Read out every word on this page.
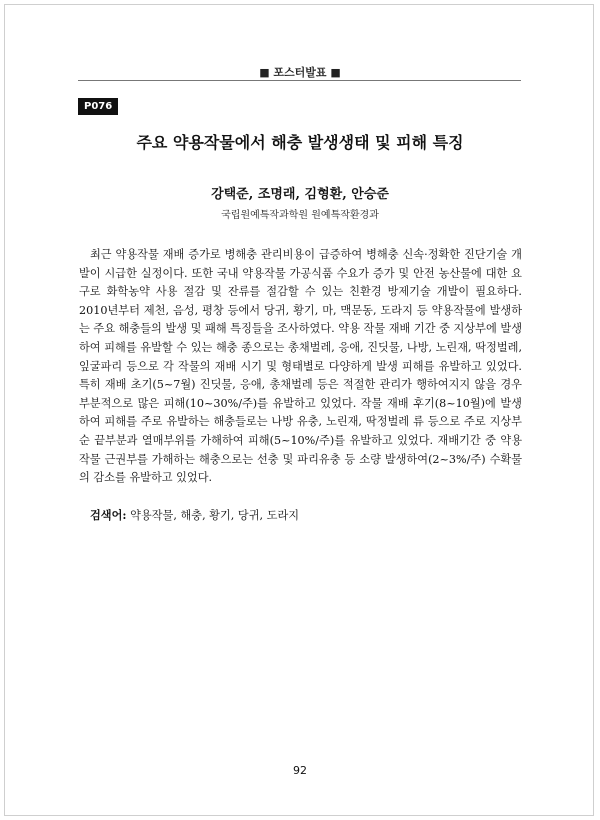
■ 포스터발표 ■
P076
주요 약용작물에서 해충 발생생태 및 피해 특징
강택준, 조명래, 김형환, 안승준
국립원예특작과학원 원예특작환경과

최근 약용작물 재배 증가로 병해충 관리비용이 급증하여 병해충 신속·정확한 진단기술 개발이 시급한 실정이다. 또한 국내 약용작물 가공식품 수요가 증가 및 안전 농산물에 대한 요구로 화학농약 사용 절감 및 잔류를 절감할 수 있는 친환경 방제기술 개발이 필요하다. 2010년부터 제천, 음성, 평창 등에서 당귀, 황기, 마, 맥문동, 도라지 등 약용작물에 발생하는 주요 해충들의 발생 및 패해 특징들을 조사하였다. 약용 작물 재배 기간 중 지상부에 발생하여 피해를 유발할 수 있는 해충 종으로는 총채벌레, 응애, 진딧물, 나방, 노린재, 딱정벌레, 잎굴파리 등으로 각 작물의 재배 시기 및 형태별로 다양하게 발생 피해를 유발하고 있었다. 특히 재배 초기(5~7월) 진딧물, 응애, 총채벌레 등은 적절한 관리가 행하여지지 않을 경우 부분적으로 많은 피해(10~30%/주)를 유발하고 있었다. 작물 재배 후기(8~10월)에 발생하여 피해를 주로 유발하는 해충들로는 나방 유충, 노린재, 딱정벌레 류 등으로 주로 지상부 순 끝부분과 열매부위를 가해하여 피해(5~10%/주)를 유발하고 있었다. 재배기간 중 약용작물 근권부를 가해하는 해충으로는 선충 및 파리유충 등 소량 발생하여(2~3%/주) 수확물의 감소를 유발하고 있었다.

검색어: 약용작물, 해충, 황기, 당귀, 도라지
92
